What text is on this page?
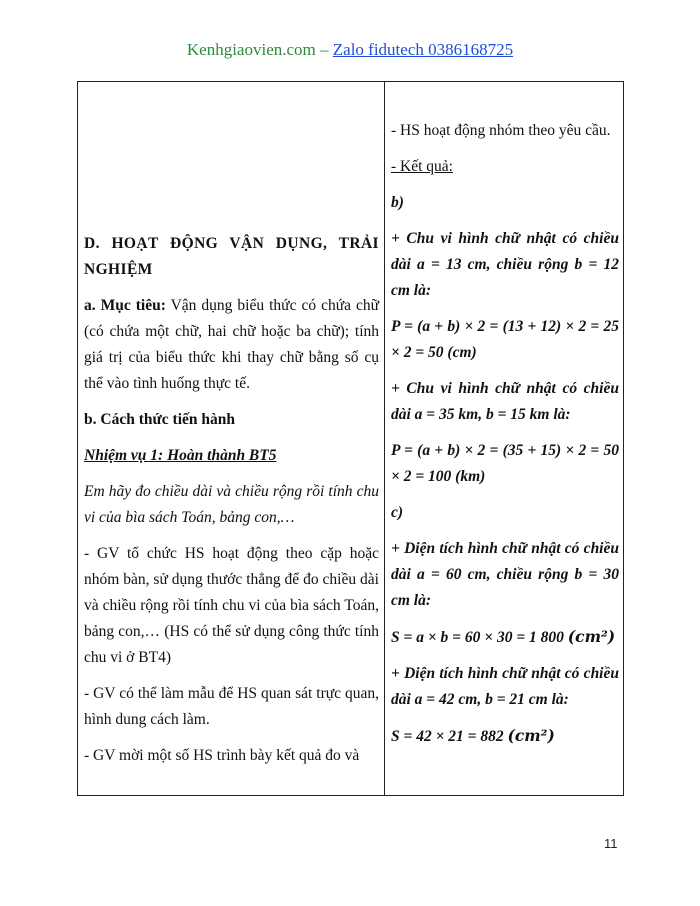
Kenhgiaovien.com – Zalo fidutech 0386168725

D. HOẠT ĐỘNG VẬN DỤNG, TRẢI NGHIỆM

a. Mục tiêu: Vận dụng biểu thức có chứa chữ (có chứa một chữ, hai chữ hoặc ba chữ); tính giá trị của biểu thức khi thay chữ bằng số cụ thể vào tình huống thực tế.

b. Cách thức tiến hành

Nhiệm vụ 1: Hoàn thành BT5

Em hãy đo chiều dài và chiều rộng rồi tính chu vi của bìa sách Toán, bảng con,…

- GV tổ chức HS hoạt động theo cặp hoặc nhóm bàn, sử dụng thước thẳng để đo chiều dài và chiều rộng rồi tính chu vi của bìa sách Toán, bảng con,… (HS có thể sử dụng công thức tính chu vi ở BT4)

- GV có thể làm mẫu để HS quan sát trực quan, hình dung cách làm.

- GV mời một số HS trình bày kết quả đo và

- HS hoạt động nhóm theo yêu cầu.

- Kết quả:

b)

+ Chu vi hình chữ nhật có chiều dài a = 13 cm, chiều rộng b = 12 cm là:

P = (a + b) × 2 = (13 + 12) × 2 = 25 × 2 = 50 (cm)

+ Chu vi hình chữ nhật có chiều dài a = 35 km, b = 15 km là:

P = (a + b) × 2 = (35 + 15) × 2 = 50 × 2 = 100 (km)

c)

+ Diện tích hình chữ nhật có chiều dài a = 60 cm, chiều rộng b = 30 cm là:

S = a × b = 60 × 30 = 1 800 (cm²)

+ Diện tích hình chữ nhật có chiều dài a = 42 cm, b = 21 cm là:

S = 42 × 21 = 882 (cm²)

11
